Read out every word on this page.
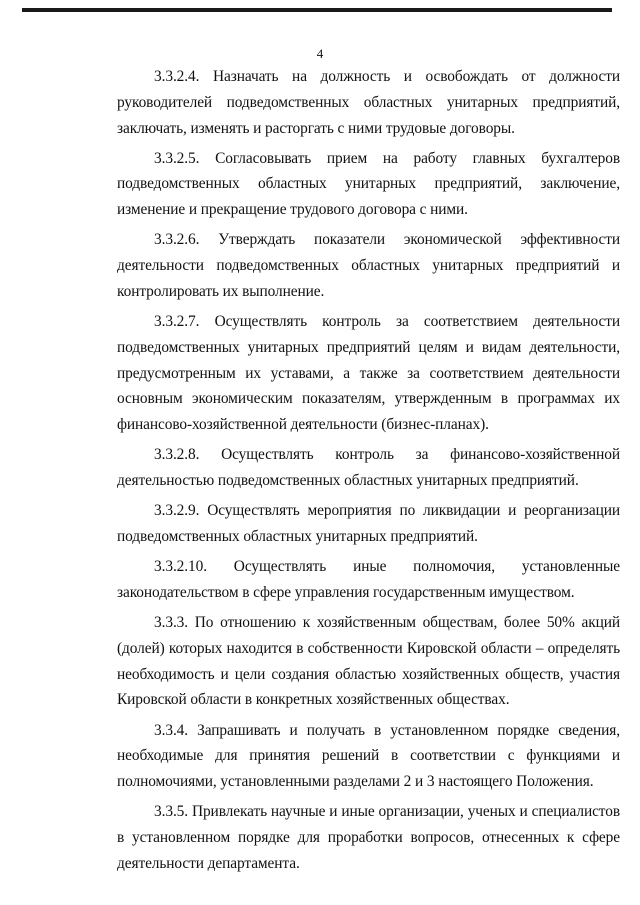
4

3.3.2.4. Назначать на должность и освобождать от должности руководителей подведомственных областных унитарных предприятий, заключать, изменять и расторгать с ними трудовые договоры.

3.3.2.5. Согласовывать прием на работу главных бухгалтеров подведомственных областных унитарных предприятий, заключение, изменение и прекращение трудового договора с ними.

3.3.2.6. Утверждать показатели экономической эффективности деятельности подведомственных областных унитарных предприятий и контролировать их выполнение.

3.3.2.7. Осуществлять контроль за соответствием деятельности подведомственных унитарных предприятий целям и видам деятельности, предусмотренным их уставами, а также за соответствием деятельности основным экономическим показателям, утвержденным в программах их финансово-хозяйственной деятельности (бизнес-планах).

3.3.2.8. Осуществлять контроль за финансово-хозяйственной деятельностью подведомственных областных унитарных предприятий.

3.3.2.9. Осуществлять мероприятия по ликвидации и реорганизации подведомственных областных унитарных предприятий.

3.3.2.10. Осуществлять иные полномочия, установленные законодательством в сфере управления государственным имуществом.

3.3.3. По отношению к хозяйственным обществам, более 50% акций (долей) которых находится в собственности Кировской области – определять необходимость и цели создания областью хозяйственных обществ, участия Кировской области в конкретных хозяйственных обществах.

3.3.4. Запрашивать и получать в установленном порядке сведения, необходимые для принятия решений в соответствии с функциями и полномочиями, установленными разделами 2 и 3 настоящего Положения.

3.3.5. Привлекать научные и иные организации, ученых и специалистов в установленном порядке для проработки вопросов, отнесенных к сфере деятельности департамента.
